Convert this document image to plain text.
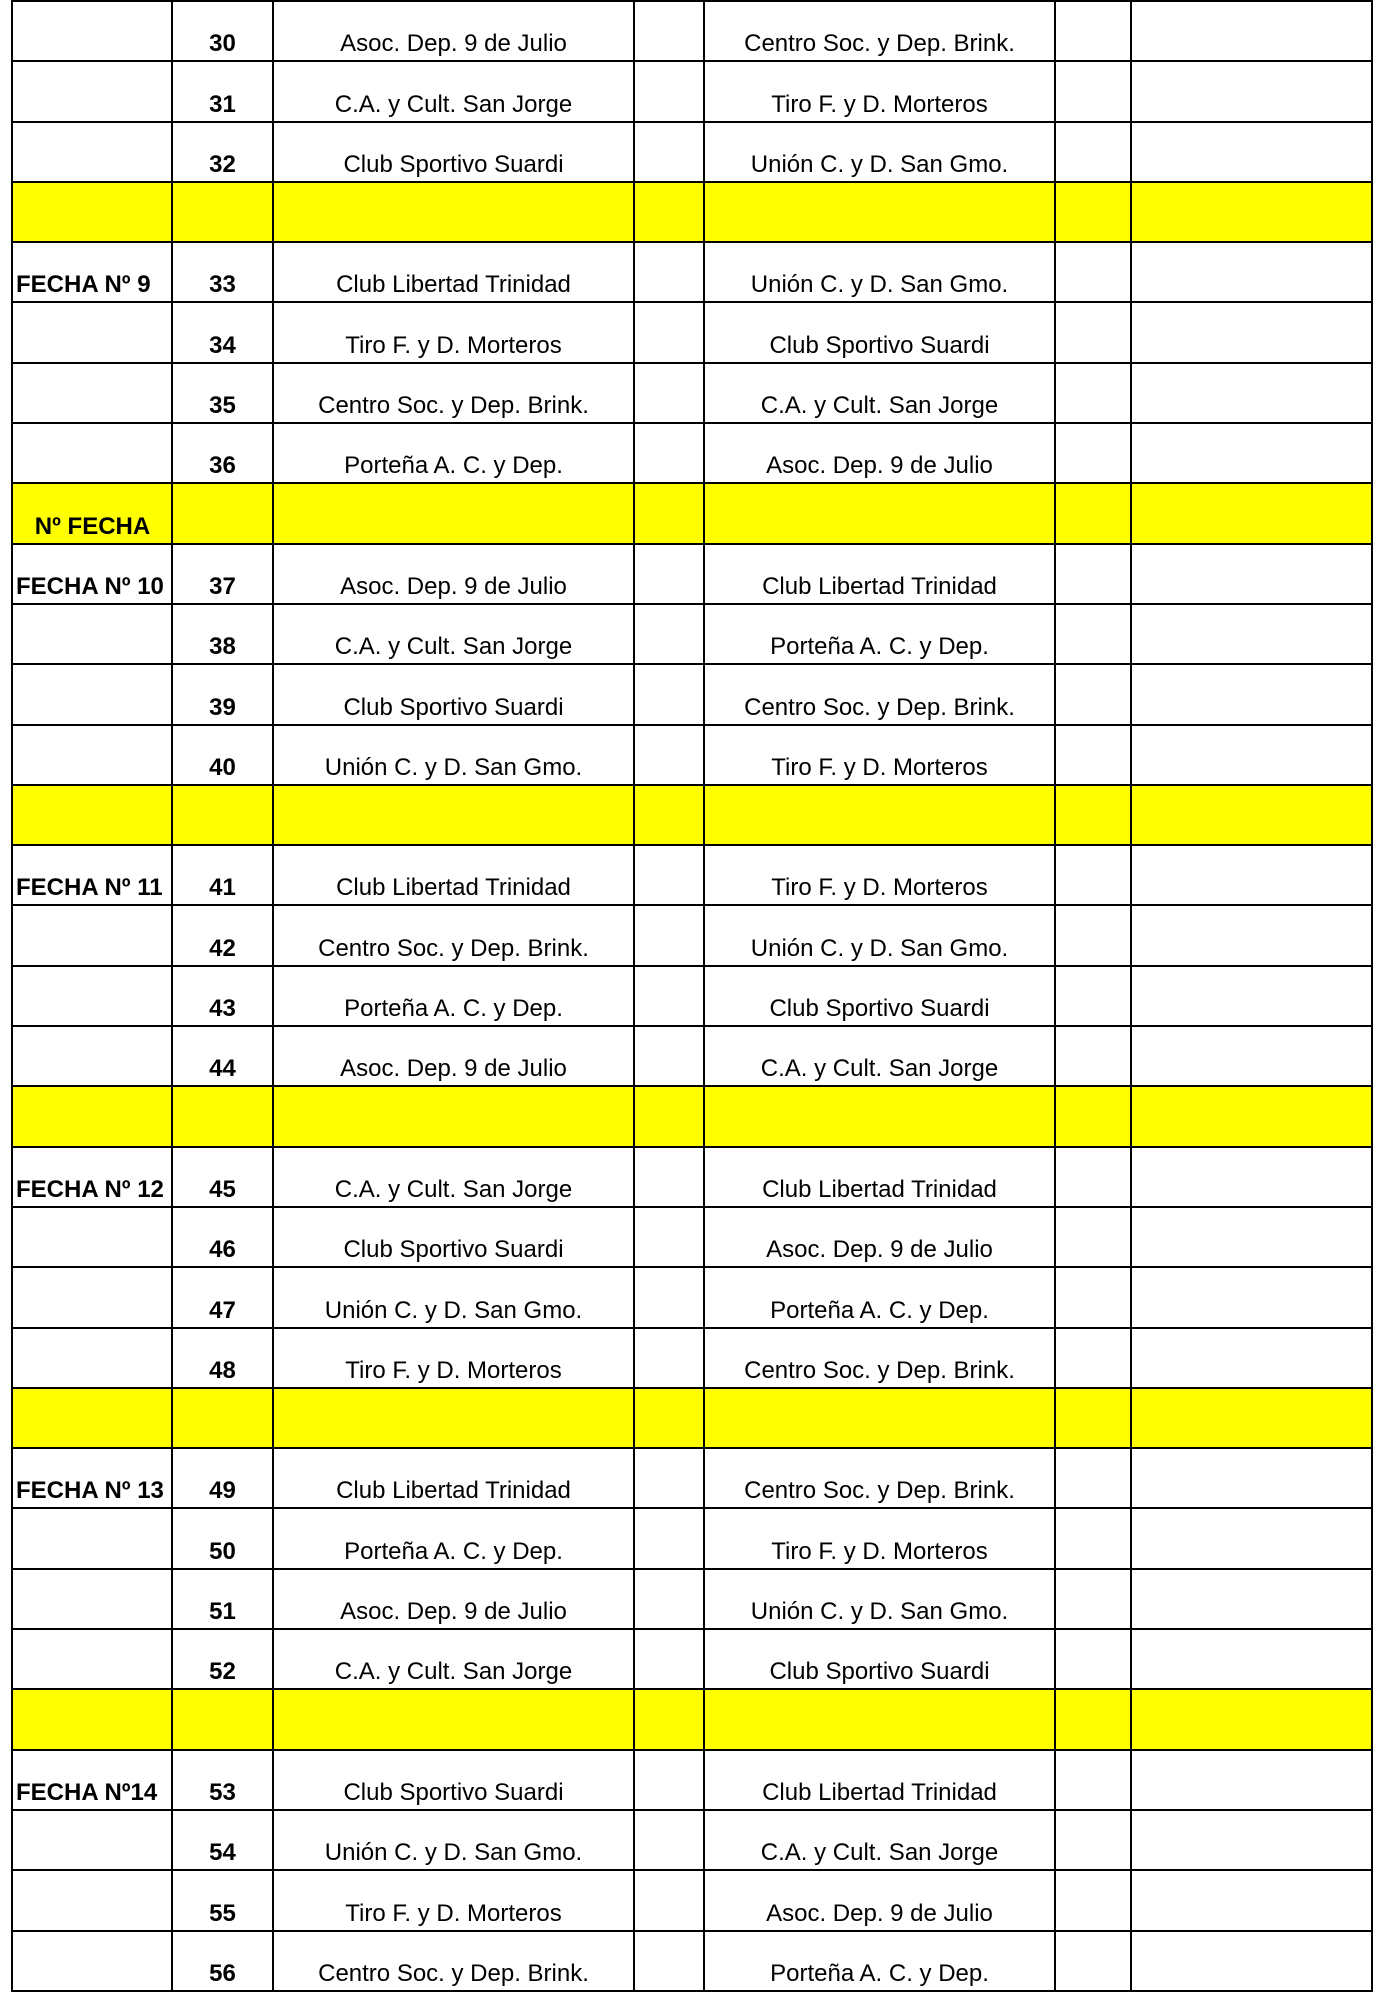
	30	Asoc. Dep. 9 de Julio		Centro Soc. y Dep. Brink.		
	31	C.A. y Cult. San Jorge		Tiro F. y D. Morteros		
	32	Club Sportivo Suardi		Unión C. y D. San Gmo.		

FECHA Nº 9	33	Club Libertad Trinidad		Unión C. y D. San Gmo.		
	34	Tiro F. y D. Morteros		Club Sportivo Suardi		
	35	Centro Soc. y Dep. Brink.		C.A. y Cult. San Jorge		
	36	Porteña A. C. y Dep.		Asoc. Dep. 9 de Julio		
Nº FECHA						
FECHA Nº 10	37	Asoc. Dep. 9 de Julio		Club Libertad Trinidad		
	38	C.A. y Cult. San Jorge		Porteña A. C. y Dep.		
	39	Club Sportivo Suardi		Centro Soc. y Dep. Brink.		
	40	Unión C. y D. San Gmo.		Tiro F. y D. Morteros		

FECHA Nº 11	41	Club Libertad Trinidad		Tiro F. y D. Morteros		
	42	Centro Soc. y Dep. Brink.		Unión C. y D. San Gmo.		
	43	Porteña A. C. y Dep.		Club Sportivo Suardi		
	44	Asoc. Dep. 9 de Julio		C.A. y Cult. San Jorge		

FECHA Nº 12	45	C.A. y Cult. San Jorge		Club Libertad Trinidad		
	46	Club Sportivo Suardi		Asoc. Dep. 9 de Julio		
	47	Unión C. y D. San Gmo.		Porteña A. C. y Dep.		
	48	Tiro F. y D. Morteros		Centro Soc. y Dep. Brink.		

FECHA Nº 13	49	Club Libertad Trinidad		Centro Soc. y Dep. Brink.		
	50	Porteña A. C. y Dep.		Tiro F. y D. Morteros		
	51	Asoc. Dep. 9 de Julio		Unión C. y D. San Gmo.		
	52	C.A. y Cult. San Jorge		Club Sportivo Suardi		

FECHA Nº14	53	Club Sportivo Suardi		Club Libertad Trinidad		
	54	Unión C. y D. San Gmo.		C.A. y Cult. San Jorge		
	55	Tiro F. y D. Morteros		Asoc. Dep. 9 de Julio		
	56	Centro Soc. y Dep. Brink.		Porteña A. C. y Dep.		
